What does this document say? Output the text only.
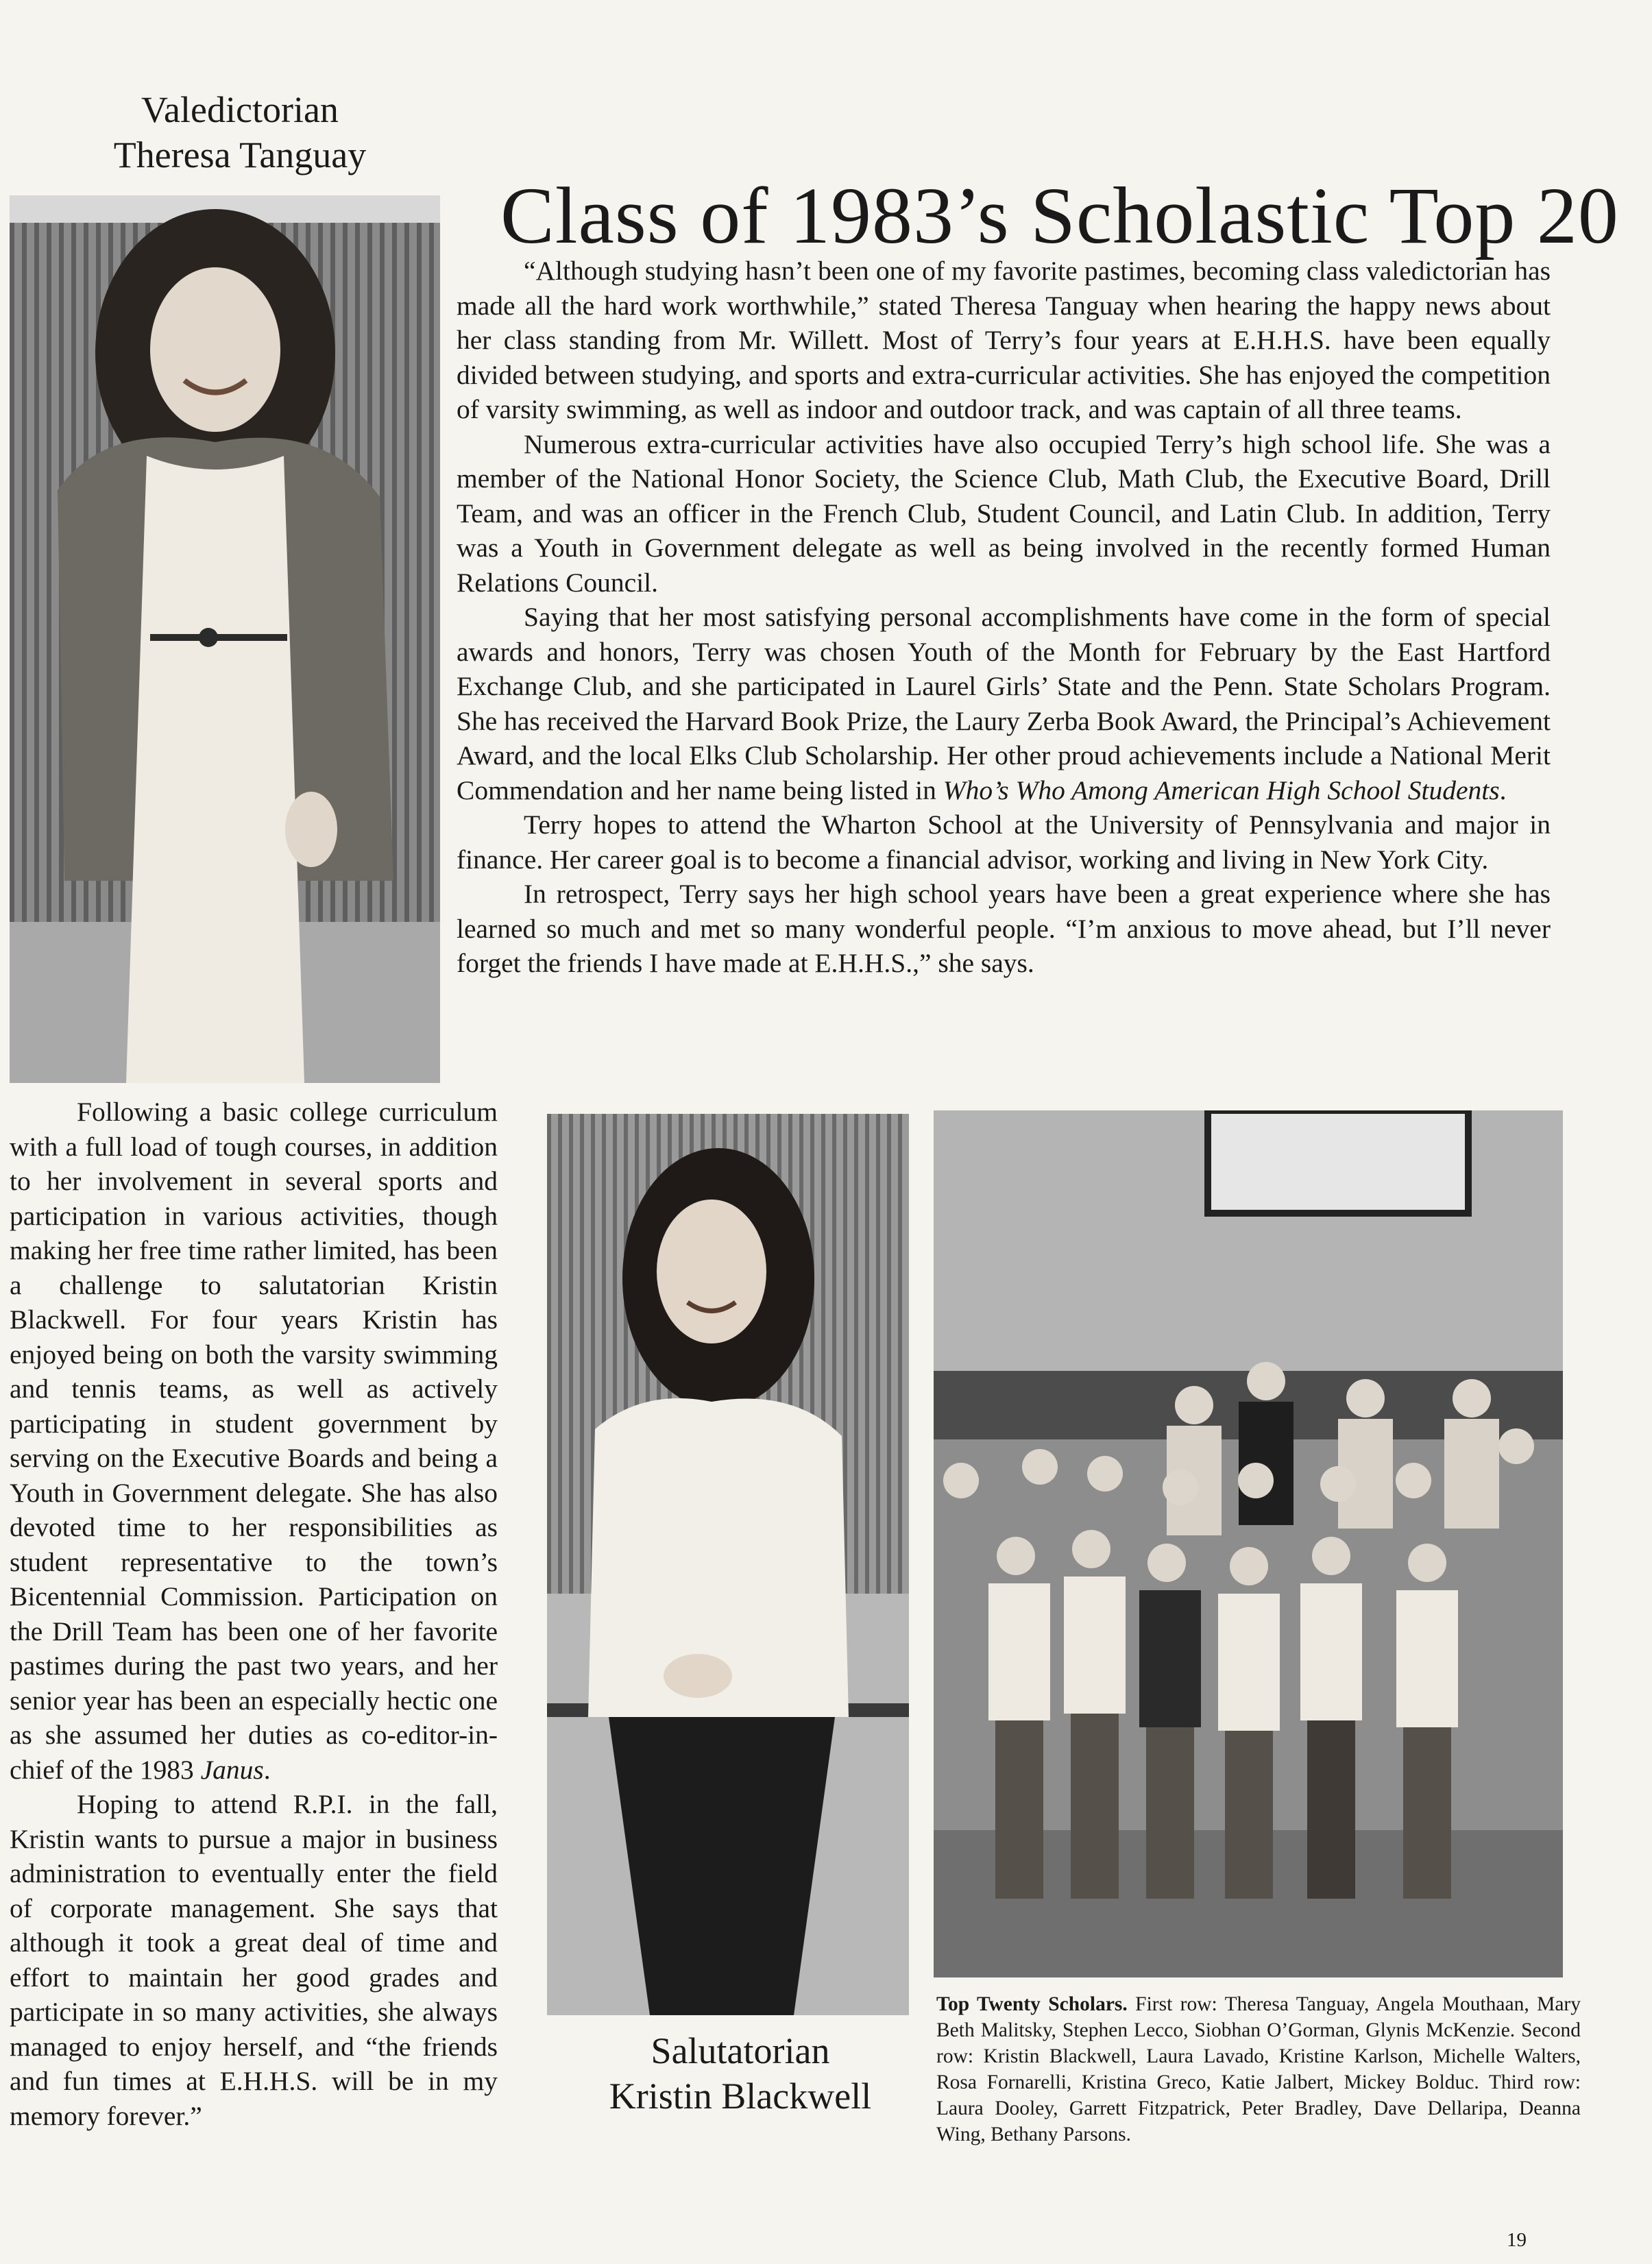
Valedictorian
Theresa Tanguay
Class of 1983’s Scholastic Top 20

“Although studying hasn’t been one of my favorite pastimes, becoming class valedictorian has made all the hard work worthwhile,” stated Theresa Tanguay when hearing the happy news about her class standing from Mr. Willett. Most of Terry’s four years at E.H.H.S. have been equally divided between studying, and sports and extra-curricular activities. She has enjoyed the competition of varsity swimming, as well as indoor and outdoor track, and was captain of all three teams.

Numerous extra-curricular activities have also occupied Terry’s high school life. She was a member of the National Honor Society, the Science Club, Math Club, the Executive Board, Drill Team, and was an officer in the French Club, Student Council, and Latin Club. In addition, Terry was a Youth in Government delegate as well as being involved in the recently formed Human Relations Council.

Saying that her most satisfying personal accomplishments have come in the form of special awards and honors, Terry was chosen Youth of the Month for February by the East Hartford Exchange Club, and she participated in Laurel Girls’ State and the Penn. State Scholars Program. She has received the Harvard Book Prize, the Laury Zerba Book Award, the Principal’s Achievement Award, and the local Elks Club Scholarship. Her other proud achievements include a National Merit Commendation and her name being listed in Who’s Who Among American High School Students.

Terry hopes to attend the Wharton School at the University of Pennsylvania and major in finance. Her career goal is to become a financial advisor, working and living in New York City.

In retrospect, Terry says her high school years have been a great experience where she has learned so much and met so many wonderful people. “I’m anxious to move ahead, but I’ll never forget the friends I have made at E.H.H.S.,” she says.

Following a basic college curriculum with a full load of tough courses, in addition to her involvement in several sports and participation in various activities, though making her free time rather limited, has been a challenge to salutatorian Kristin Blackwell. For four years Kristin has enjoyed being on both the varsity swimming and tennis teams, as well as actively participating in student government by serving on the Executive Boards and being a Youth in Government delegate. She has also devoted time to her responsibilities as student representative to the town’s Bicentennial Commission. Participation on the Drill Team has been one of her favorite pastimes during the past two years, and her senior year has been an especially hectic one as she assumed her duties as co-editor-in-chief of the 1983 Janus.

Hoping to attend R.P.I. in the fall, Kristin wants to pursue a major in business administration to eventually enter the field of corporate management. She says that although it took a great deal of time and effort to maintain her good grades and participate in so many activities, she always managed to enjoy herself, and “the friends and fun times at E.H.H.S. will be in my memory forever.”

Salutatorian
Kristin Blackwell

Top Twenty Scholars. First row: Theresa Tanguay, Angela Mouthaan, Mary Beth Malitsky, Stephen Lecco, Siobhan O’Gorman, Glynis McKenzie. Second row: Kristin Blackwell, Laura Lavado, Kristine Karlson, Michelle Walters, Rosa Fornarelli, Kristina Greco, Katie Jalbert, Mickey Bolduc. Third row: Laura Dooley, Garrett Fitzpatrick, Peter Bradley, Dave Dellaripa, Deanna Wing, Bethany Parsons.

19
